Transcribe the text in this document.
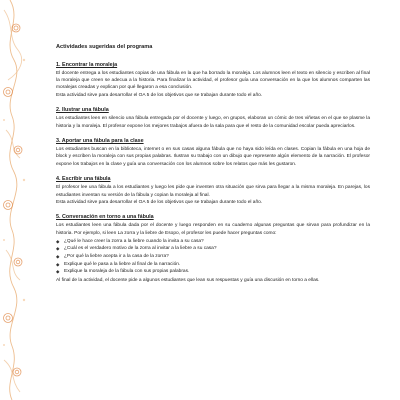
Actividades sugeridas del programa
1. Encontrar la moraleja

El docente entrega a los estudiantes copias de una fábula en la que ha borrado la moraleja. Los alumnos leen el texto en silencio y escriben al final la moraleja que creen se adecua a la historia. Para finalizar la actividad, el profesor guía una conversación en la que los alumnos comparten las moralejas creadas y explican por qué llegaron a esa conclusión.

Esta actividad sirve para desarrollar el OA 5 de los objetivos que se trabajan durante todo el año.

2. Ilustrar una fábula

Los estudiantes leen en silencio una fábula entregada por el docente y luego, en grupos, elaboran un cómic de tres viñetas en el que se plasme la historia y la moraleja. El profesor expone los mejores trabajos afuera de la sala para que el resto de la comunidad escolar pueda apreciarlos.

3. Aportar una fábula para la clase

Los estudiantes buscan en la biblioteca, internet o en sus casas alguna fábula que no haya sido leída en clases. Copian la fábula en una hoja de block y escriben la moraleja con sus propias palabras. Ilustran su trabajo con un dibujo que represente algún elemento de la narración. El profesor expone los trabajos en la clase y guía una conversación con los alumnos sobre los relatos que más les gustaron.

4. Escribir una fábula

El profesor lee una fábula a los estudiantes y luego les pide que inventen otra situación que sirva para llegar a la misma moraleja. En parejas, los estudiantes inventan su versión de la fábula y copian la moraleja al final.

Esta actividad sirve para desarrollar el OA 5 de los objetivos que se trabajan durante todo el año.

5. Conversación en torno a una fábula

Los estudiantes leen una fábula dada por el docente y luego responden en su cuaderno algunas preguntas que sirvan para profundizar en la historia. Por ejemplo, si leen La zorra y la liebre de Esopo, el profesor les puede hacer preguntas como:

◆ ¿Qué le hace creer la zorra a la liebre cuando la invita a su casa?
◆ ¿Cuál es el verdadero motivo de la zorra al invitar a la liebre a su casa?
◆ ¿Por qué la liebre acepta ir a la casa de la zorra?
◆ Explique qué le pasa a la liebre al final de la narración.
◆ Explique la moraleja de la fábula con sus propias palabras.

Al final de la actividad, el docente pide a algunos estudiantes que lean sus respuestas y guía una discusión en torno a ellas.
